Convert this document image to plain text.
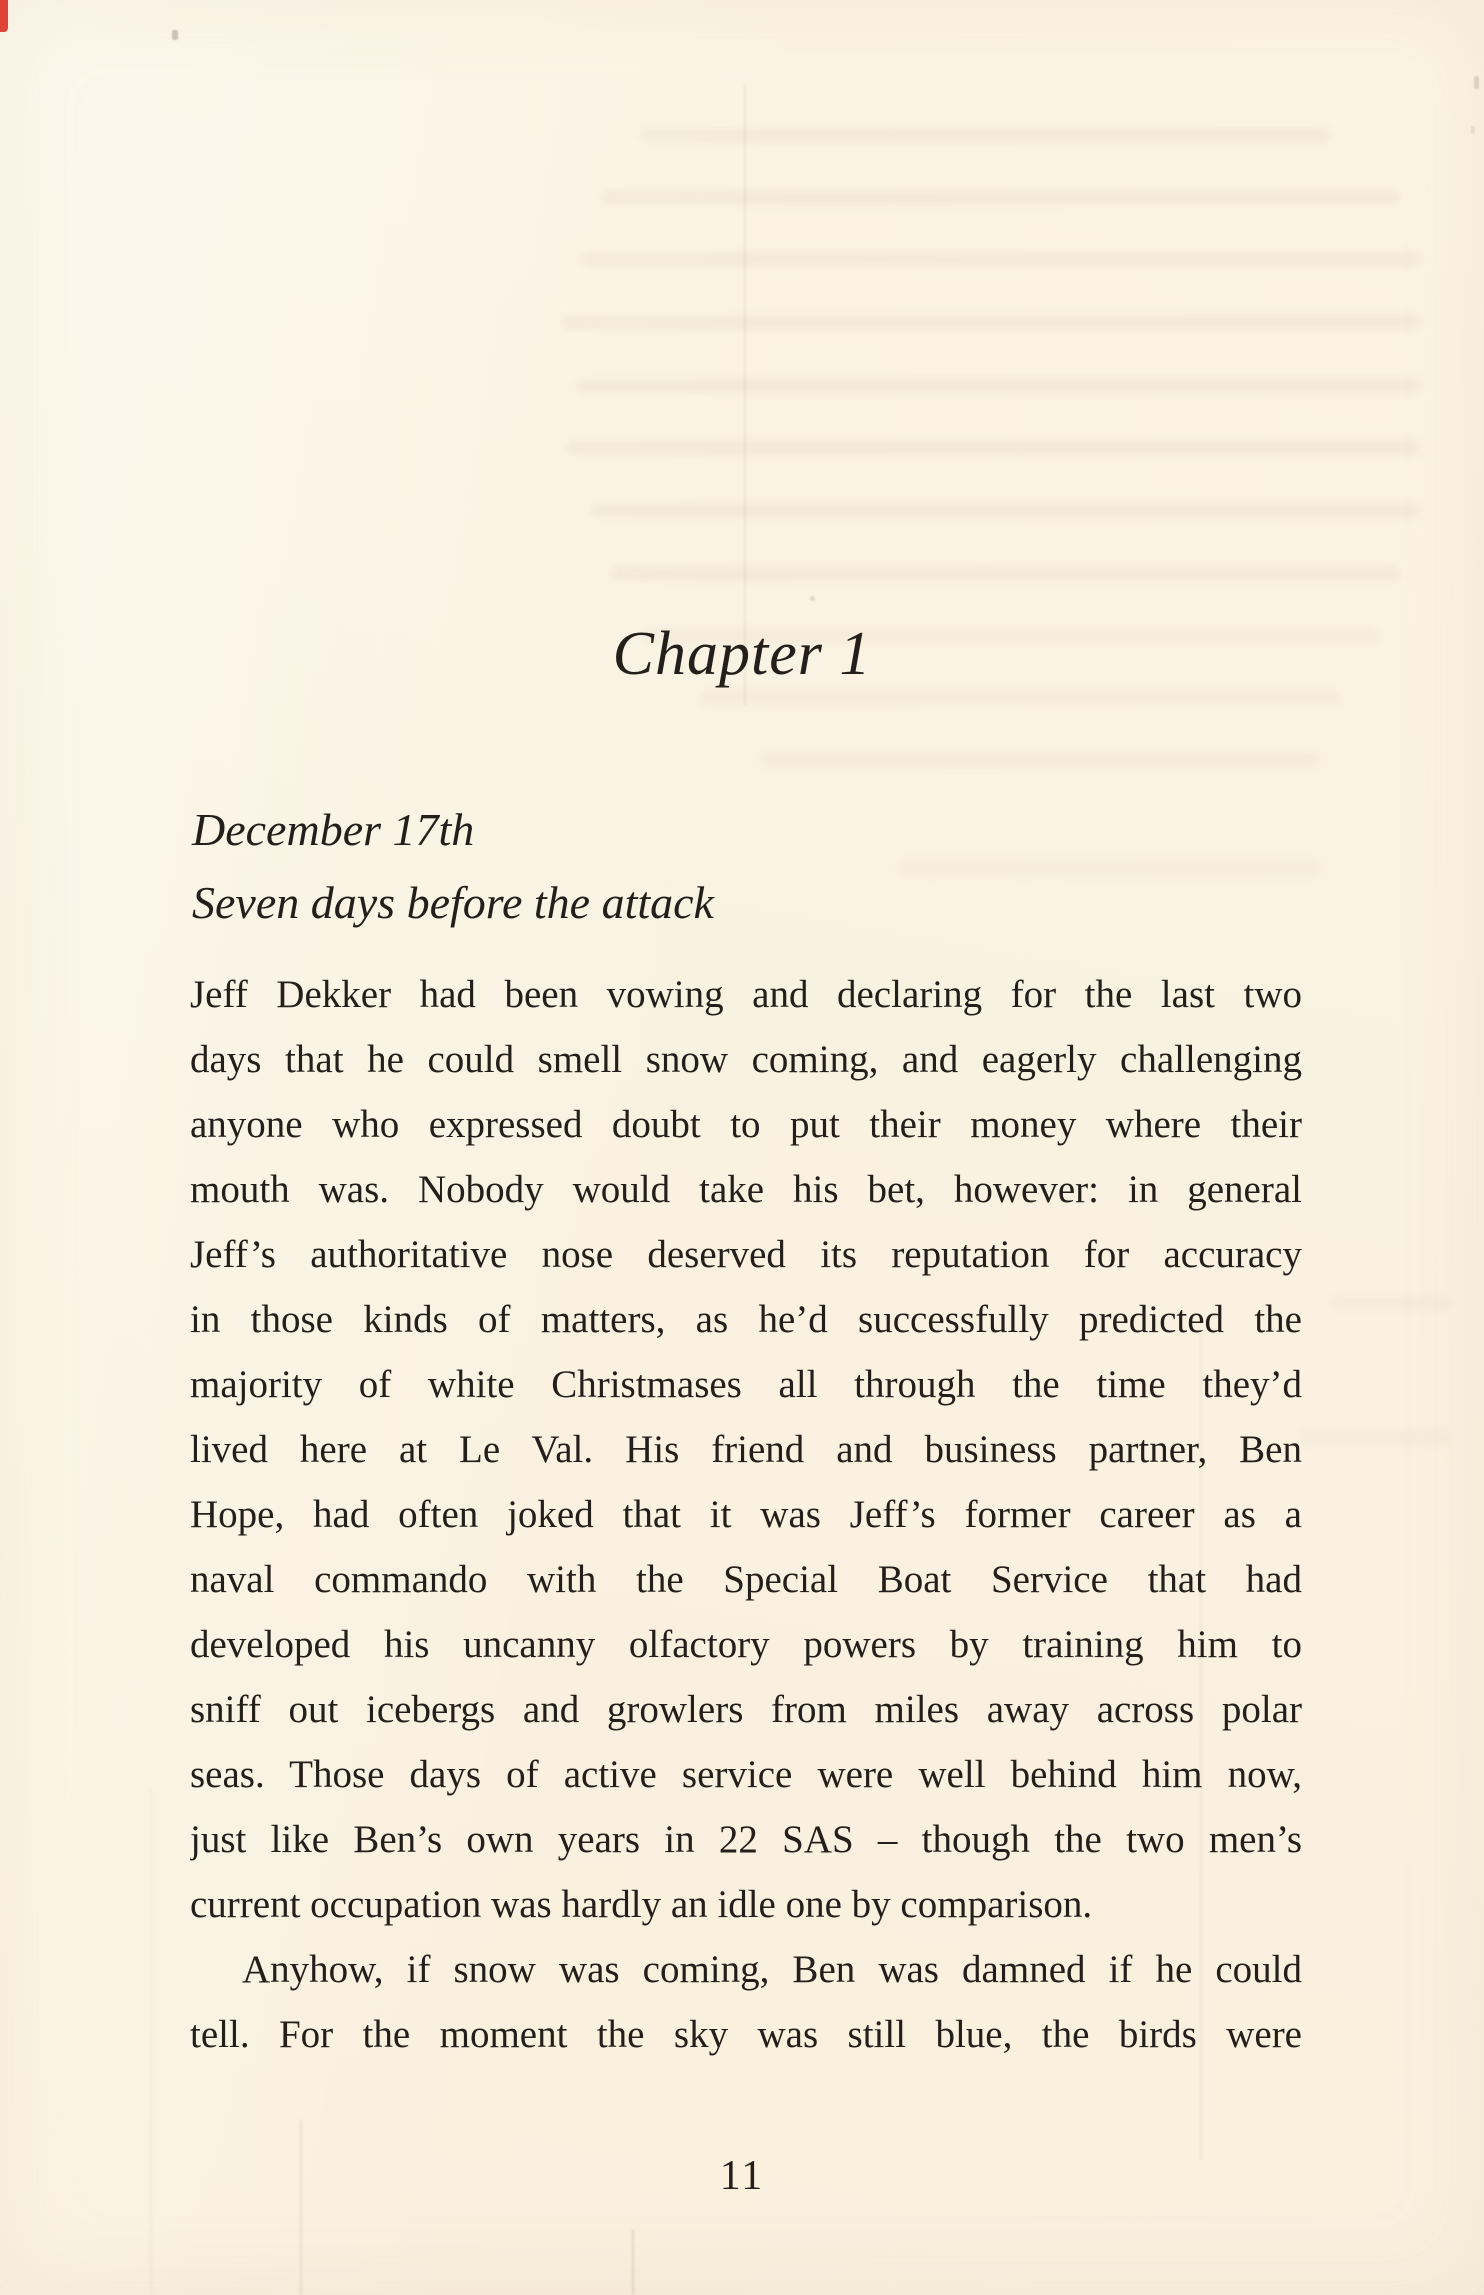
Chapter 1
December 17th
Seven days before the attack
Jeff Dekker had been vowing and declaring for the last two
days that he could smell snow coming, and eagerly challenging
anyone who expressed doubt to put their money where their
mouth was. Nobody would take his bet, however: in general
Jeff’s authoritative nose deserved its reputation for accuracy
in those kinds of matters, as he’d successfully predicted the
majority of white Christmases all through the time they’d
lived here at Le Val. His friend and business partner, Ben
Hope, had often joked that it was Jeff’s former career as a
naval commando with the Special Boat Service that had
developed his uncanny olfactory powers by training him to
sniff out icebergs and growlers from miles away across polar
seas. Those days of active service were well behind him now,
just like Ben’s own years in 22 SAS – though the two men’s
current occupation was hardly an idle one by comparison.
Anyhow, if snow was coming, Ben was damned if he could
tell. For the moment the sky was still blue, the birds were
11
